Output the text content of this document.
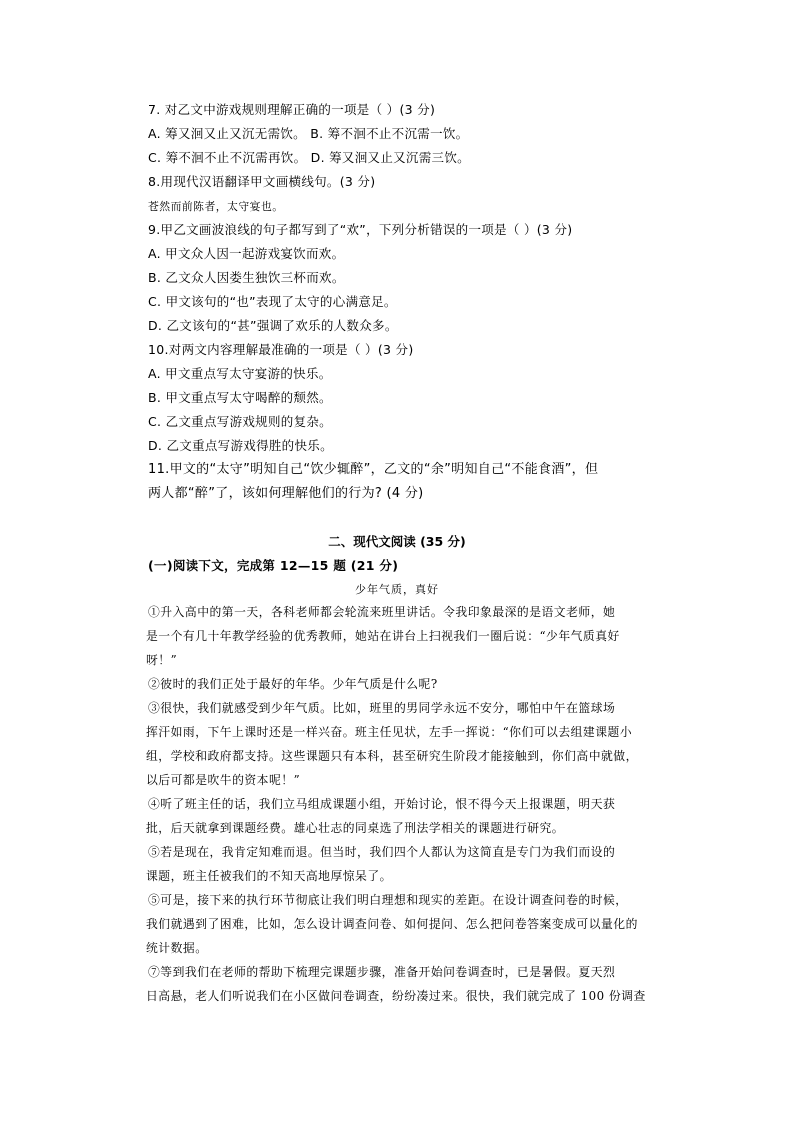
7. 对乙文中游戏规则理解正确的一项是（ ）(3 分)
A. 筹又洄又止又沉无需饮。 B. 筹不洄不止不沉需一饮。
C. 筹不洄不止不沉需再饮。 D. 筹又洄又止又沉需三饮。
8.用现代汉语翻译甲文画横线句。(3 分)
苍然而前陈者，太守宴也。
9.甲乙文画波浪线的句子都写到了“欢”，下列分析错误的一项是（ ）(3 分)
A. 甲文众人因一起游戏宴饮而欢。
B. 乙文众人因娄生独饮三杯而欢。
C. 甲文该句的“也”表现了太守的心满意足。
D. 乙文该句的“甚”强调了欢乐的人数众多。
10.对两文内容理解最准确的一项是（ ）(3 分)
A. 甲文重点写太守宴游的快乐。
B. 甲文重点写太守喝醉的颓然。
C. 乙文重点写游戏规则的复杂。
D. 乙文重点写游戏得胜的快乐。
11.甲文的“太守”明知自己“饮少辄醉”，乙文的“余”明知自己“不能食酒”，但
两人都“醉”了，该如何理解他们的行为? (4 分)
二、现代文阅读 (35 分)
(一)阅读下文，完成第 12—15 题 (21 分)
少年气质，真好
①升入高中的第一天，各科老师都会轮流来班里讲话。令我印象最深的是语文老师，她
是一个有几十年教学经验的优秀教师，她站在讲台上扫视我们一圈后说：“少年气质真好
呀！”
②彼时的我们正处于最好的年华。少年气质是什么呢?
③很快，我们就感受到少年气质。比如，班里的男同学永远不安分，哪怕中午在篮球场
挥汗如雨，下午上课时还是一样兴奋。班主任见状，左手一挥说：“你们可以去组建课题小
组，学校和政府都支持。这些课题只有本科，甚至研究生阶段才能接触到，你们高中就做，
以后可都是吹牛的资本呢！”
④听了班主任的话，我们立马组成课题小组，开始讨论，恨不得今天上报课题，明天获
批，后天就拿到课题经费。雄心壮志的同桌选了刑法学相关的课题进行研究。
⑤若是现在，我肯定知难而退。但当时，我们四个人都认为这简直是专门为我们而设的
课题，班主任被我们的不知天高地厚惊呆了。
⑤可是，接下来的执行环节彻底让我们明白理想和现实的差距。在设计调查问卷的时候，
我们就遇到了困难，比如，怎么设计调查问卷、如何提问、怎么把问卷答案变成可以量化的
统计数据。
⑦等到我们在老师的帮助下梳理完课题步骤，准备开始问卷调查时，已是暑假。夏天烈
日高悬，老人们听说我们在小区做问卷调查，纷纷凑过来。很快，我们就完成了 100 份调查
